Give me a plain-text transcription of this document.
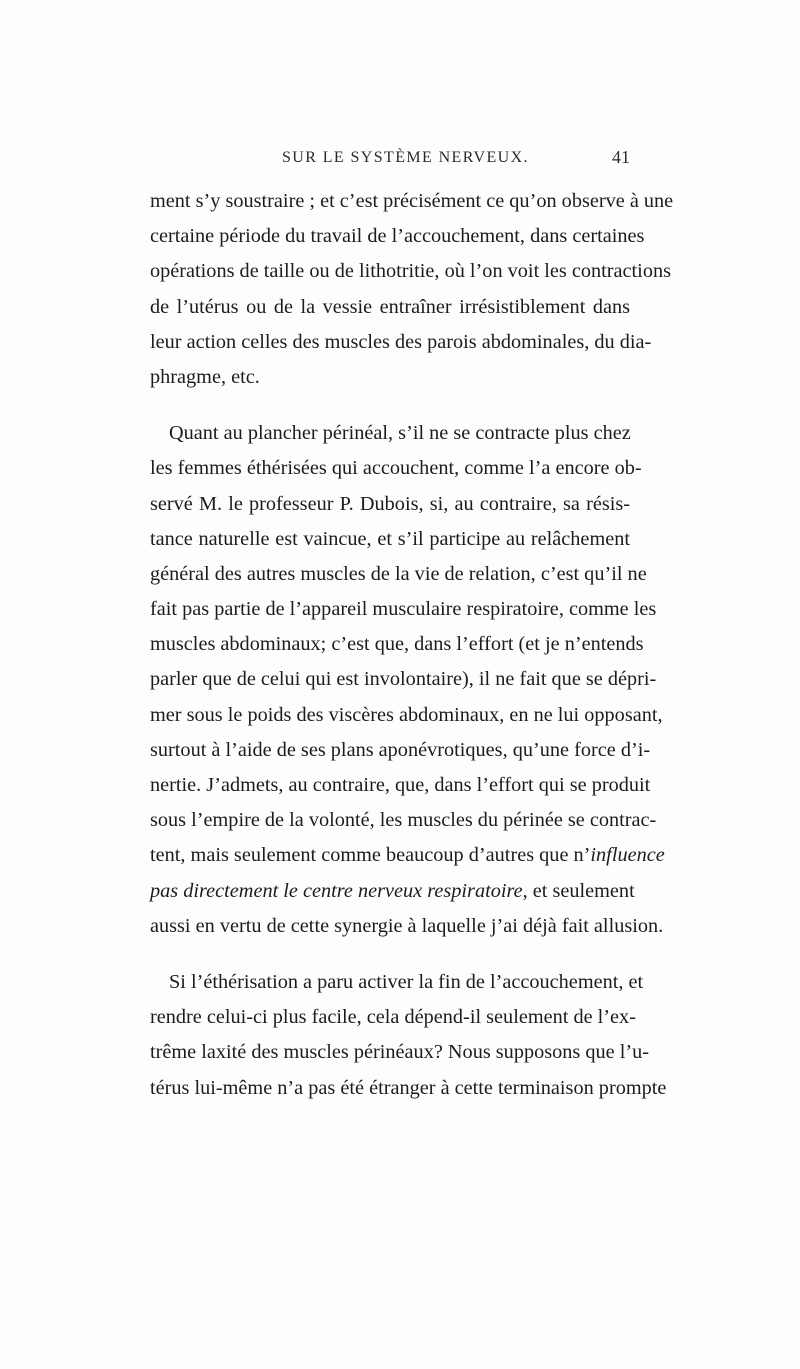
SUR LE SYSTÈME NERVEUX.	41
ment s’y soustraire ; et c’est précisément ce qu’on observe à une
certaine période du travail de l’accouchement, dans certaines
opérations de taille ou de lithotritie, où l’on voit les contractions
de l’utérus ou de la vessie entraîner irrésistiblement dans
leur action celles des muscles des parois abdominales, du dia-
phragme, etc.
Quant au plancher périnéal, s’il ne se contracte plus chez
les femmes éthérisées qui accouchent, comme l’a encore ob-
servé M. le professeur P. Dubois, si, au contraire, sa résis-
tance naturelle est vaincue, et s’il participe au relâchement
général des autres muscles de la vie de relation, c’est qu’il ne
fait pas partie de l’appareil musculaire respiratoire, comme les
muscles abdominaux; c’est que, dans l’effort (et je n’entends
parler que de celui qui est involontaire), il ne fait que se dépri-
mer sous le poids des viscères abdominaux, en ne lui opposant,
surtout à l’aide de ses plans aponévrotiques, qu’une force d’i-
nertie. J’admets, au contraire, que, dans l’effort qui se produit
sous l’empire de la volonté, les muscles du périnée se contrac-
tent, mais seulement comme beaucoup d’autres que n’influence
pas directement le centre nerveux respiratoire, et seulement
aussi en vertu de cette synergie à laquelle j’ai déjà fait allusion.
Si l’éthérisation a paru activer la fin de l’accouchement, et
rendre celui-ci plus facile, cela dépend-il seulement de l’ex-
trême laxité des muscles périnéaux? Nous supposons que l’u-
térus lui-même n’a pas été étranger à cette terminaison prompte
